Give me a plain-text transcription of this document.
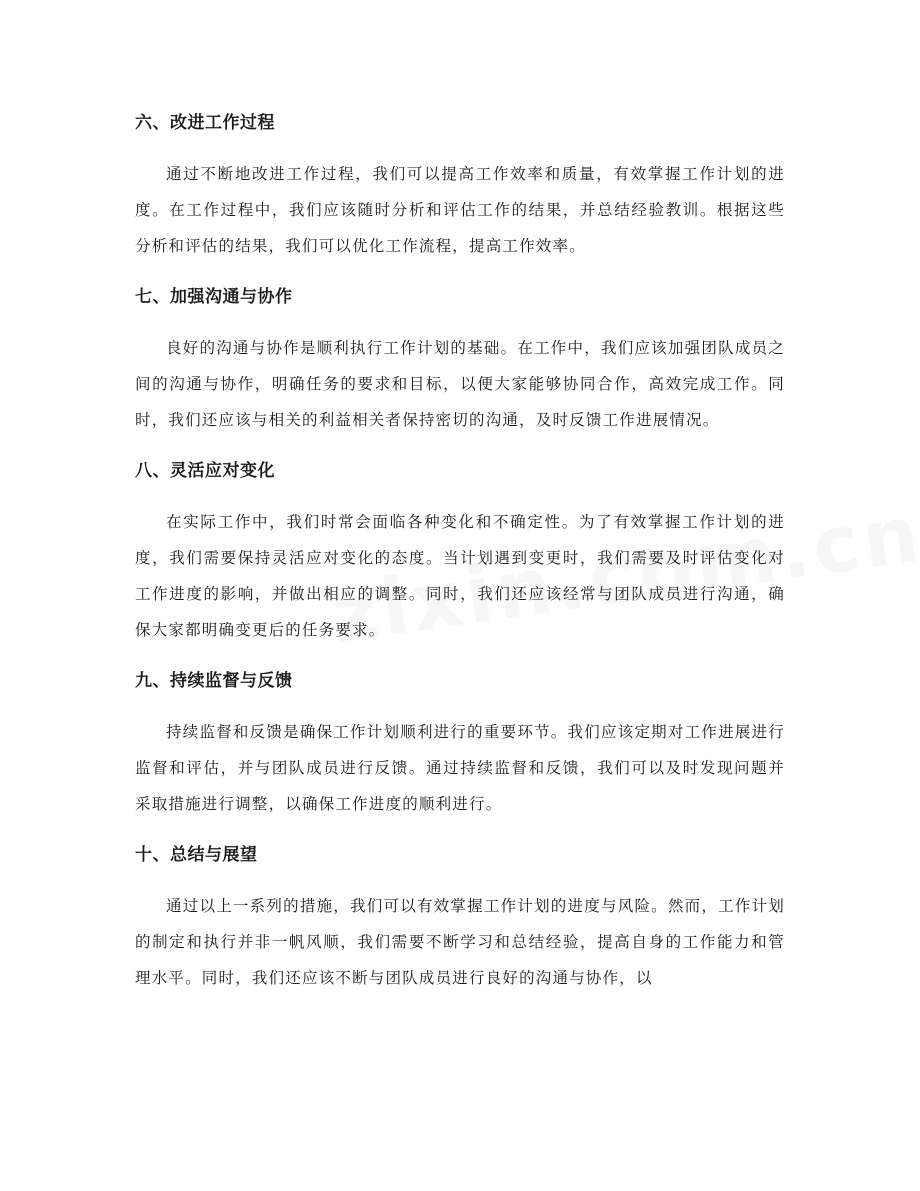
六、改进工作过程

通过不断地改进工作过程，我们可以提高工作效率和质量，有效掌握工作计划的进度。在工作过程中，我们应该随时分析和评估工作的结果，并总结经验教训。根据这些分析和评估的结果，我们可以优化工作流程，提高工作效率。

七、加强沟通与协作

良好的沟通与协作是顺利执行工作计划的基础。在工作中，我们应该加强团队成员之间的沟通与协作，明确任务的要求和目标，以便大家能够协同合作，高效完成工作。同时，我们还应该与相关的利益相关者保持密切的沟通，及时反馈工作进展情况。

八、灵活应对变化

在实际工作中，我们时常会面临各种变化和不确定性。为了有效掌握工作计划的进度，我们需要保持灵活应对变化的态度。当计划遇到变更时，我们需要及时评估变化对工作进度的影响，并做出相应的调整。同时，我们还应该经常与团队成员进行沟通，确保大家都明确变更后的任务要求。

九、持续监督与反馈

持续监督和反馈是确保工作计划顺利进行的重要环节。我们应该定期对工作进展进行监督和评估，并与团队成员进行反馈。通过持续监督和反馈，我们可以及时发现问题并采取措施进行调整，以确保工作进度的顺利进行。

十、总结与展望

通过以上一系列的措施，我们可以有效掌握工作计划的进度与风险。然而，工作计划的制定和执行并非一帆风顺，我们需要不断学习和总结经验，提高自身的工作能力和管理水平。同时，我们还应该不断与团队成员进行良好的沟通与协作，以
